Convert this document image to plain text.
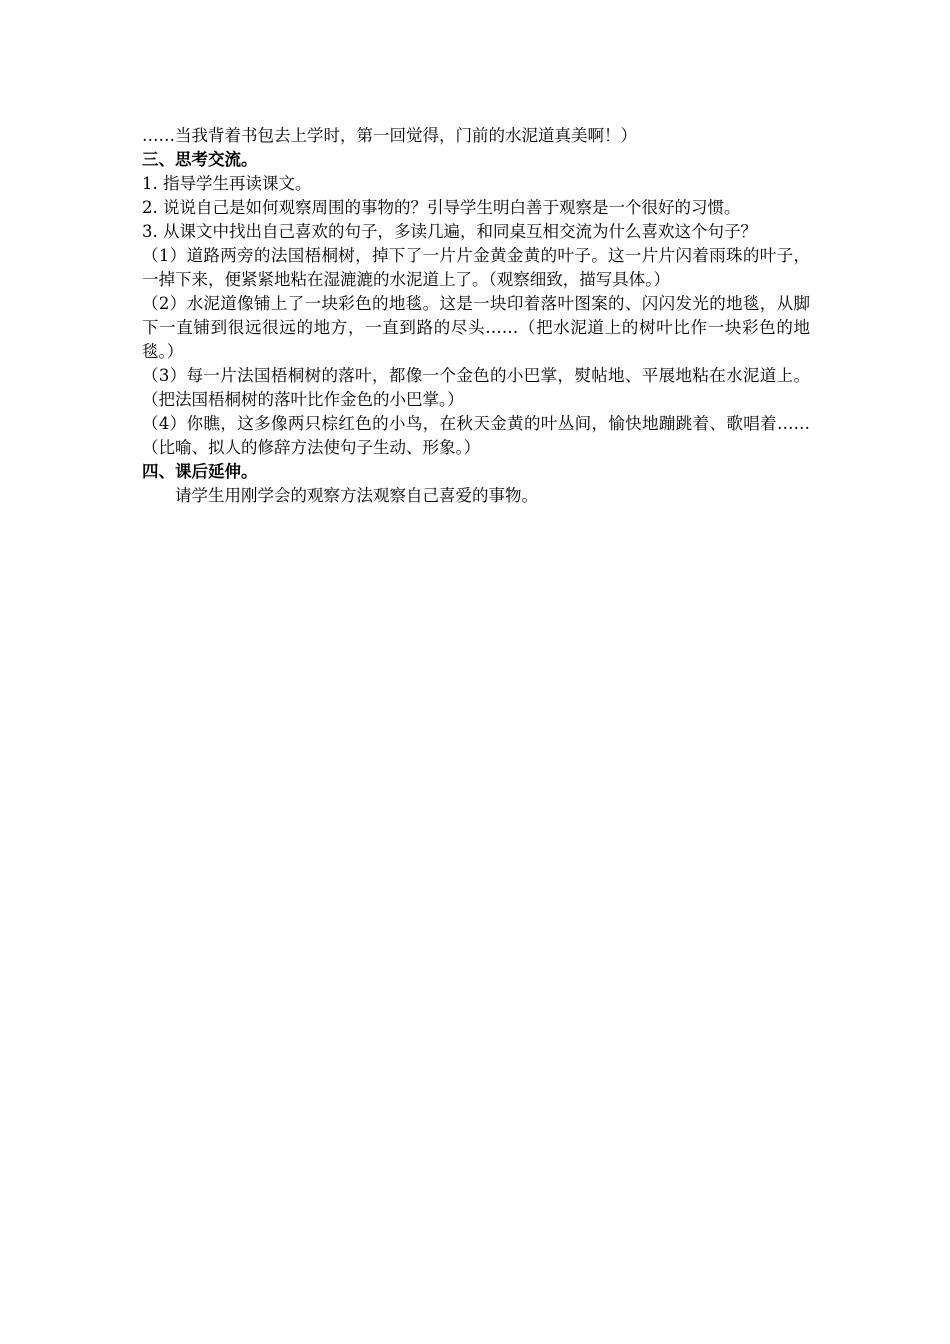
……当我背着书包去上学时，第一回觉得，门前的水泥道真美啊！）
三、思考交流。
1. 指导学生再读课文。
2. 说说自己是如何观察周围的事物的？引导学生明白善于观察是一个很好的习惯。
3. 从课文中找出自己喜欢的句子，多读几遍，和同桌互相交流为什么喜欢这个句子？
（1）道路两旁的法国梧桐树，掉下了一片片金黄金黄的叶子。这一片片闪着雨珠的叶子，一掉下来，便紧紧地粘在湿漉漉的水泥道上了。（观察细致，描写具体。）
（2）水泥道像铺上了一块彩色的地毯。这是一块印着落叶图案的、闪闪发光的地毯，从脚下一直铺到很远很远的地方，一直到路的尽头……（把水泥道上的树叶比作一块彩色的地毯。）
（3）每一片法国梧桐树的落叶，都像一个金色的小巴掌，熨帖地、平展地粘在水泥道上。（把法国梧桐树的落叶比作金色的小巴掌。）
（4）你瞧，这多像两只棕红色的小鸟，在秋天金黄的叶丛间，愉快地蹦跳着、歌唱着……（比喻、拟人的修辞方法使句子生动、形象。）
四、课后延伸。
请学生用刚学会的观察方法观察自己喜爱的事物。
